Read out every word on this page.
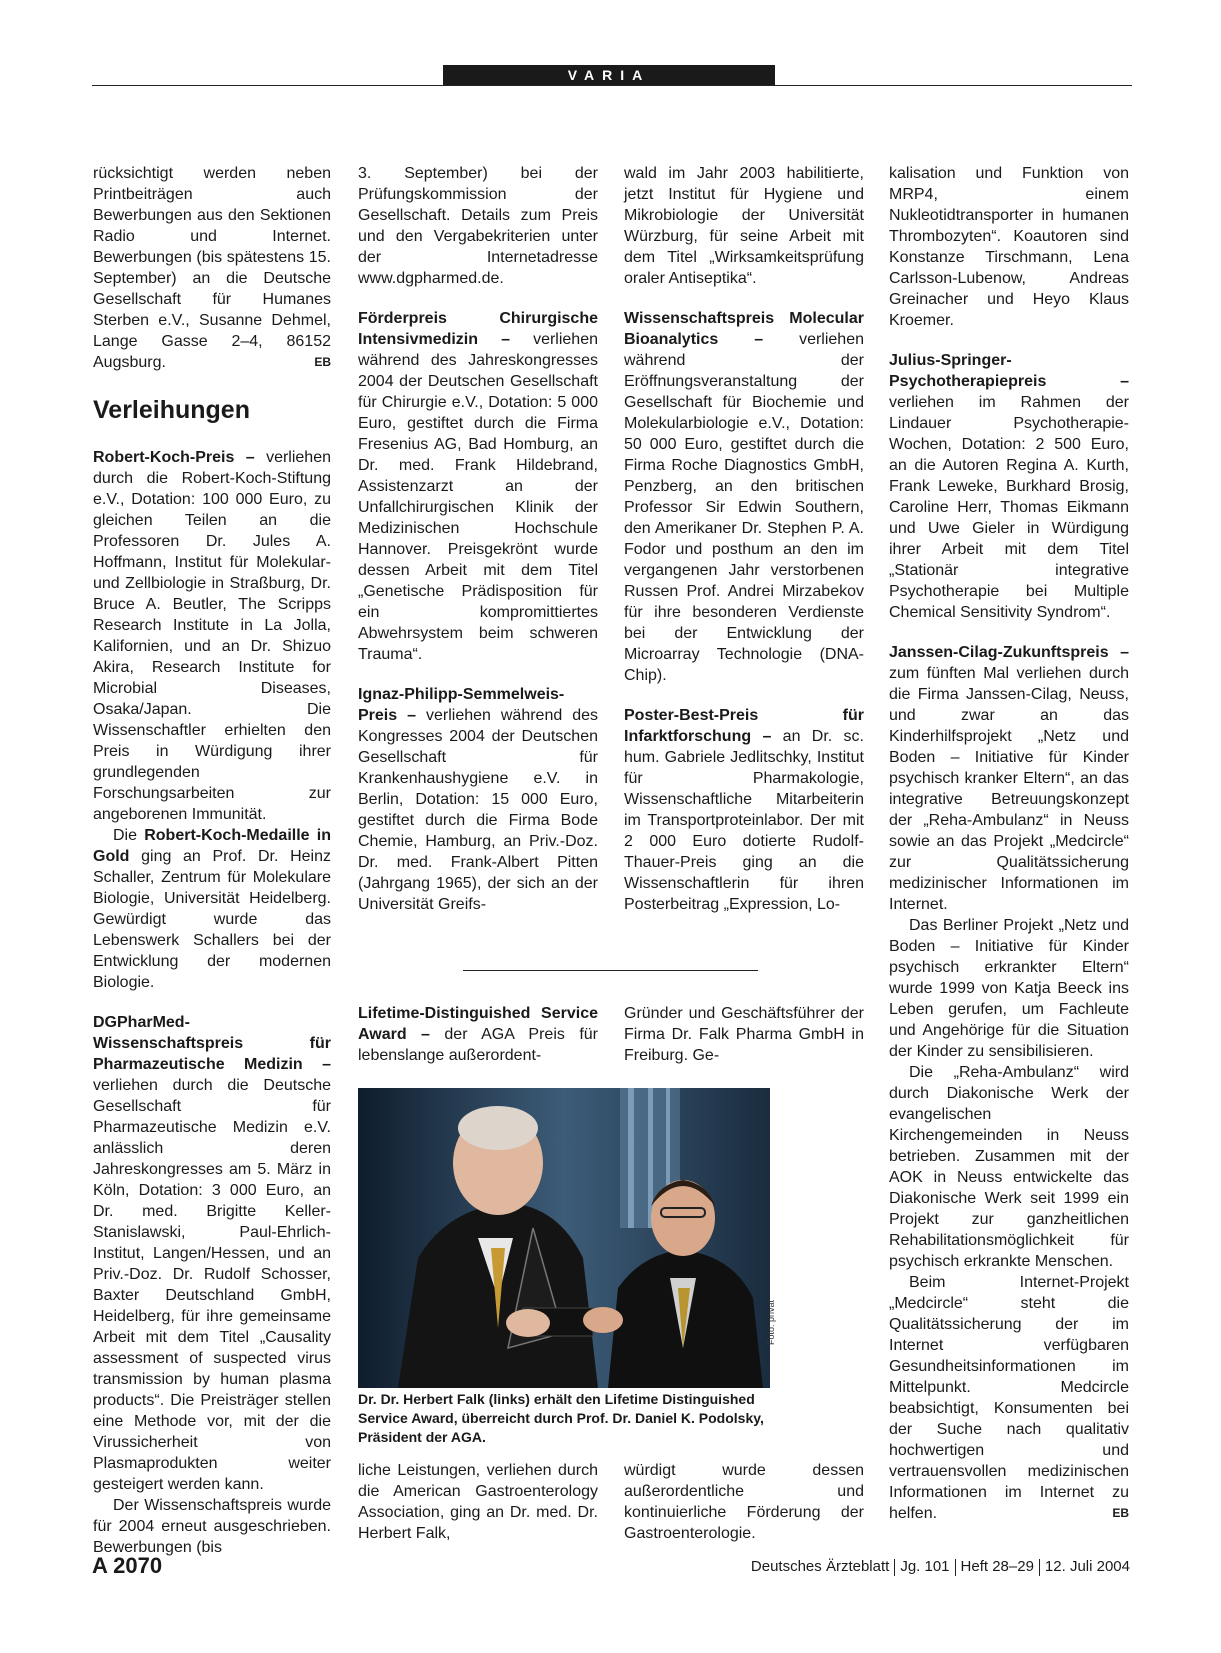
VARIA

rücksichtigt werden neben Printbeiträgen auch Bewerbungen aus den Sektionen Radio und Internet. Bewerbungen (bis spätestens 15. September) an die Deutsche Gesellschaft für Humanes Sterben e.V., Susanne Dehmel, Lange Gasse 2–4, 86152 Augsburg.	EB

Verleihungen

Robert-Koch-Preis – verliehen durch die Robert-Koch-Stiftung e.V., Dotation: 100 000 Euro, zu gleichen Teilen an die Professoren Dr. Jules A. Hoffmann, Institut für Molekular- und Zellbiologie in Straßburg, Dr. Bruce A. Beutler, The Scripps Research Institute in La Jolla, Kalifornien, und an Dr. Shizuo Akira, Research Institute for Microbial Diseases, Osaka/Japan. Die Wissenschaftler erhielten den Preis in Würdigung ihrer grundlegenden Forschungsarbeiten zur angeborenen Immunität.

Die Robert-Koch-Medaille in Gold ging an Prof. Dr. Heinz Schaller, Zentrum für Molekulare Biologie, Universität Heidelberg. Gewürdigt wurde das Lebenswerk Schallers bei der Entwicklung der modernen Biologie.

DGPharMed-Wissenschaftspreis für Pharmazeutische Medizin – verliehen durch die Deutsche Gesellschaft für Pharmazeutische Medizin e.V. anlässlich deren Jahreskongresses am 5. März in Köln, Dotation: 3 000 Euro, an Dr. med. Brigitte Keller-Stanislawski, Paul-Ehrlich-Institut, Langen/Hessen, und an Priv.-Doz. Dr. Rudolf Schosser, Baxter Deutschland GmbH, Heidelberg, für ihre gemeinsame Arbeit mit dem Titel „Causality assessment of suspected virus transmission by human plasma products“. Die Preisträger stellen eine Methode vor, mit der die Virussicherheit von Plasmaprodukten weiter gesteigert werden kann.

Der Wissenschaftspreis wurde für 2004 erneut ausgeschrieben. Bewerbungen (bis

3. September) bei der Prüfungskommission der Gesellschaft. Details zum Preis und den Vergabekriterien unter der Internetadresse www.dgpharmed.de.

Förderpreis Chirurgische Intensivmedizin – verliehen während des Jahreskongresses 2004 der Deutschen Gesellschaft für Chirurgie e.V., Dotation: 5 000 Euro, gestiftet durch die Firma Fresenius AG, Bad Homburg, an Dr. med. Frank Hildebrand, Assistenzarzt an der Unfallchirurgischen Klinik der Medizinischen Hochschule Hannover. Preisgekrönt wurde dessen Arbeit mit dem Titel „Genetische Prädisposition für ein kompromittiertes Abwehrsystem beim schweren Trauma“.

Ignaz-Philipp-Semmelweis-Preis – verliehen während des Kongresses 2004 der Deutschen Gesellschaft für Krankenhaushygiene e.V. in Berlin, Dotation: 15 000 Euro, gestiftet durch die Firma Bode Chemie, Hamburg, an Priv.-Doz. Dr. med. Frank-Albert Pitten (Jahrgang 1965), der sich an der Universität Greifs-

wald im Jahr 2003 habilitierte, jetzt Institut für Hygiene und Mikrobiologie der Universität Würzburg, für seine Arbeit mit dem Titel „Wirksamkeitsprüfung oraler Antiseptika“.

Wissenschaftspreis Molecular Bioanalytics – verliehen während der Eröffnungsveranstaltung der Gesellschaft für Biochemie und Molekularbiologie e.V., Dotation: 50 000 Euro, gestiftet durch die Firma Roche Diagnostics GmbH, Penzberg, an den britischen Professor Sir Edwin Southern, den Amerikaner Dr. Stephen P. A. Fodor und posthum an den im vergangenen Jahr verstorbenen Russen Prof. Andrei Mirzabekov für ihre besonderen Verdienste bei der Entwicklung der Microarray Technologie (DNA-Chip).

Poster-Best-Preis für Infarktforschung – an Dr. sc. hum. Gabriele Jedlitschky, Institut für Pharmakologie, Wissenschaftliche Mitarbeiterin im Transportproteinlabor. Der mit 2 000 Euro dotierte Rudolf-Thauer-Preis ging an die Wissenschaftlerin für ihren Posterbeitrag „Expression, Lo-

kalisation und Funktion von MRP4, einem Nukleotidtransporter in humanen Thrombozyten“. Koautoren sind Konstanze Tirschmann, Lena Carlsson-Lubenow, Andreas Greinacher und Heyo Klaus Kroemer.

Julius-Springer-Psychotherapiepreis – verliehen im Rahmen der Lindauer Psychotherapie-Wochen, Dotation: 2 500 Euro, an die Autoren Regina A. Kurth, Frank Leweke, Burkhard Brosig, Caroline Herr, Thomas Eikmann und Uwe Gieler in Würdigung ihrer Arbeit mit dem Titel „Stationär integrative Psychotherapie bei Multiple Chemical Sensitivity Syndrom“.

Janssen-Cilag-Zukunftspreis – zum fünften Mal verliehen durch die Firma Janssen-Cilag, Neuss, und zwar an das Kinderhilfsprojekt „Netz und Boden – Initiative für Kinder psychisch kranker Eltern“, an das integrative Betreuungskonzept der „Reha-Ambulanz“ in Neuss sowie an das Projekt „Medcircle“ zur Qualitätssicherung medizinischer Informationen im Internet.

Das Berliner Projekt „Netz und Boden – Initiative für Kinder psychisch erkrankter Eltern“ wurde 1999 von Katja Beeck ins Leben gerufen, um Fachleute und Angehörige für die Situation der Kinder zu sensibilisieren.

Die „Reha-Ambulanz“ wird durch Diakonische Werk der evangelischen Kirchengemeinden in Neuss betrieben. Zusammen mit der AOK in Neuss entwickelte das Diakonische Werk seit 1999 ein Projekt zur ganzheitlichen Rehabilitationsmöglichkeit für psychisch erkrankte Menschen.

Beim Internet-Projekt „Medcircle“ steht die Qualitätssicherung der im Internet verfügbaren Gesundheitsinformationen im Mittelpunkt. Medcircle beabsichtigt, Konsumenten bei der Suche nach qualitativ hochwertigen und vertrauensvollen medizinischen Informationen im Internet zu helfen.	EB

Lifetime-Distinguished Service Award – der AGA Preis für lebenslange außerordent-
Gründer und Geschäftsführer der Firma Dr. Falk Pharma GmbH in Freiburg. Ge-
Foto: privat
Dr. Dr. Herbert Falk (links) erhält den Lifetime Distinguished Service Award, überreicht durch Prof. Dr. Daniel K. Podolsky, Präsident der AGA.
liche Leistungen, verliehen durch die American Gastroenterology Association, ging an Dr. med. Dr. Herbert Falk,
würdigt wurde dessen außerordentliche und kontinuierliche Förderung der Gastroenterologie.
A 2070	Deutsches Ärzteblatt Jg. 101 Heft 28–29 12. Juli 2004
